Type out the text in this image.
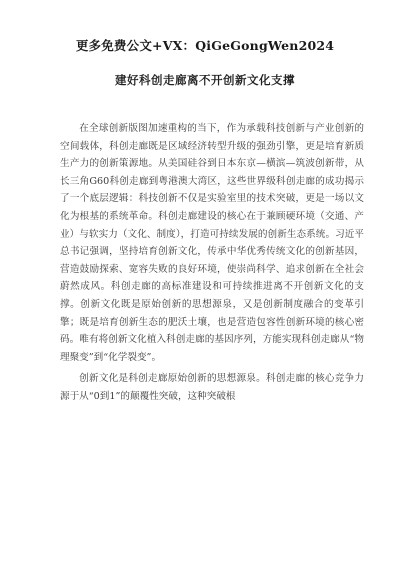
更多免费公文+VX：QiGeGongWen2024
建好科创走廊离不开创新文化支撑

在全球创新版图加速重构的当下，作为承载科技创新与产业创新的空间载体，科创走廊既是区域经济转型升级的强劲引擎，更是培育新质生产力的创新策源地。从美国硅谷到日本东京—横滨—筑波创新带，从长三角G60科创走廊到粤港澳大湾区，这些世界级科创走廊的成功揭示了一个底层逻辑：科技创新不仅是实验室里的技术突破，更是一场以文化为根基的系统革命。科创走廊建设的核心在于兼顾硬环境（交通、产业）与软实力（文化、制度），打造可持续发展的创新生态系统。习近平总书记强调，坚持培育创新文化，传承中华优秀传统文化的创新基因，营造鼓励探索、宽容失败的良好环境，使崇尚科学、追求创新在全社会蔚然成风。科创走廊的高标准建设和可持续推进离不开创新文化的支撑。创新文化既是原始创新的思想源泉，又是创新制度融合的变革引擎；既是培育创新生态的肥沃土壤，也是营造包容性创新环境的核心密码。唯有将创新文化植入科创走廊的基因序列，方能实现科创走廊从“物理聚变”到“化学裂变”。

创新文化是科创走廊原始创新的思想源泉。科创走廊的核心竞争力源于从“0到1”的颠覆性突破，这种突破根
